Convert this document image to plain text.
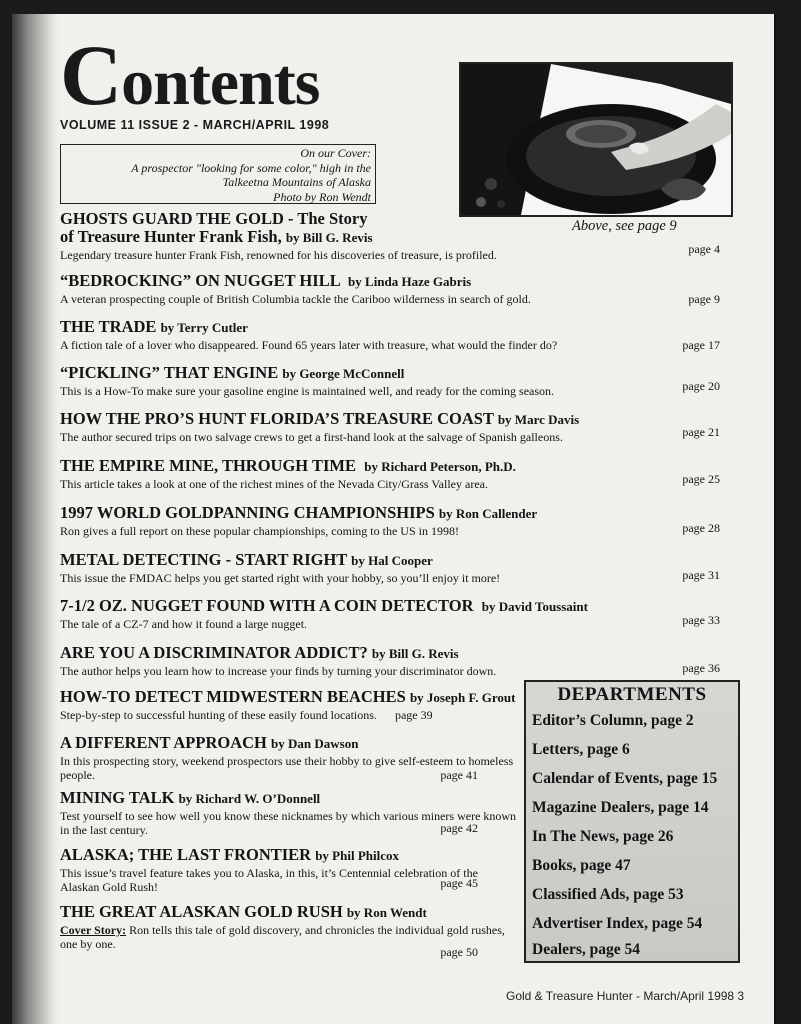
Contents
VOLUME 11 ISSUE 2 - MARCH/APRIL 1998
On our Cover:
A prospector "looking for some color," high in the
Talkeetna Mountains of Alaska
Photo by Ron Wendt
Above, see page 9
GHOSTS GUARD THE GOLD - The Story
of Treasure Hunter Frank Fish, by Bill G. Revis
Legendary treasure hunter Frank Fish, renowned for his discoveries of treasure, is profiled.	page 4
“BEDROCKING” ON NUGGET HILL by Linda Haze Gabris
A veteran prospecting couple of British Columbia tackle the Cariboo wilderness in search of gold.	page 9
THE TRADE by Terry Cutler
A fiction tale of a lover who disappeared. Found 65 years later with treasure, what would the finder do?	page 17
“PICKLING” THAT ENGINE by George McConnell
This is a How-To make sure your gasoline engine is maintained well, and ready for the coming season.	page 20
HOW THE PRO’S HUNT FLORIDA’S TREASURE COAST by Marc Davis
The author secured trips on two salvage crews to get a first-hand look at the salvage of Spanish galleons.	page 21
THE EMPIRE MINE, THROUGH TIME by Richard Peterson, Ph.D.
This article takes a look at one of the richest mines of the Nevada City/Grass Valley area.	page 25
1997 WORLD GOLDPANNING CHAMPIONSHIPS by Ron Callender
Ron gives a full report on these popular championships, coming to the US in 1998!	page 28
METAL DETECTING - START RIGHT by Hal Cooper
This issue the FMDAC helps you get started right with your hobby, so you’ll enjoy it more!	page 31
7-1/2 OZ. NUGGET FOUND WITH A COIN DETECTOR by David Toussaint
The tale of a CZ-7 and how it found a large nugget.	page 33
ARE YOU A DISCRIMINATOR ADDICT? by Bill G. Revis
The author helps you learn how to increase your finds by turning your discriminator down.	page 36
HOW-TO DETECT MIDWESTERN BEACHES by Joseph F. Grout
Step-by-step to successful hunting of these easily found locations. page 39
A DIFFERENT APPROACH by Dan Dawson
In this prospecting story, weekend prospectors use their hobby to give self-esteem to homeless people.	page 41
MINING TALK by Richard W. O’Donnell
Test yourself to see how well you know these nicknames by which various miners were known in the last century.	page 42
ALASKA; THE LAST FRONTIER by Phil Philcox
This issue’s travel feature takes you to Alaska, in this, it’s Centennial celebration of the Alaskan Gold Rush!	page 45
THE GREAT ALASKAN GOLD RUSH by Ron Wendt
Cover Story: Ron tells this tale of gold discovery, and chronicles the individual gold rushes, one by one.
page 50
DEPARTMENTS
Editor’s Column, page 2
Letters, page 6
Calendar of Events, page 15
Magazine Dealers, page 14
In The News, page 26
Books, page 47
Classified Ads, page 53
Advertiser Index, page 54
Dealers, page 54
Gold & Treasure Hunter - March/April 1998 3
